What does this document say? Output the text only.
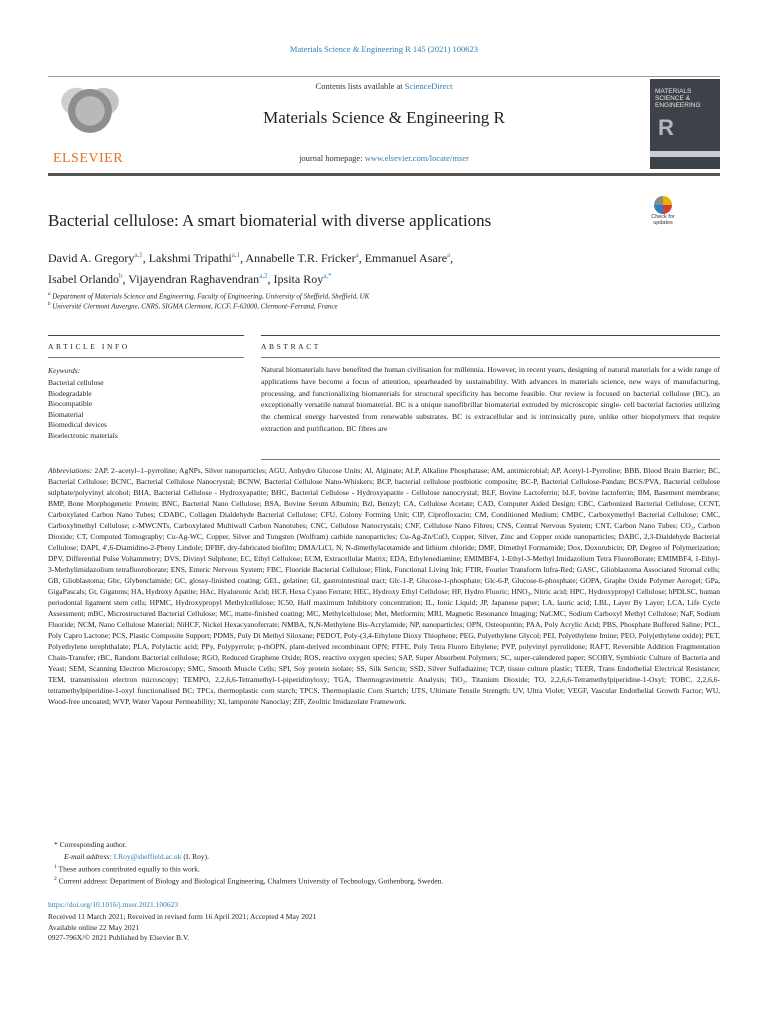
Materials Science & Engineering R 145 (2021) 100623
ELSEVIER
Contents lists available at ScienceDirect
Materials Science & Engineering R
journal homepage: www.elsevier.com/locate/mser
MATERIALS SCIENCE & ENGINEERING
R
Bacterial cellulose: A smart biomaterial with diverse applications	Check for updates
David A. Gregory$^{a,1}$, Lakshmi Tripathi$^{a,1}$, Annabelle T.R. Fricker$^a$, Emmanuel Asare$^a$,
Isabel Orlando$^b$, Vijayendran Raghavendran$^{a,2}$, Ipsita Roy$^{a,*}$
$^a$ Department of Materials Science and Engineering, Faculty of Engineering, University of Sheffield, Sheffield, UK
$^b$ Université Clermont Auvergne, CNRS, SIGMA Clermont, ICCF, F-63000, Clermont–Ferrand, France
ARTICLE INFO	ABSTRACT
Keywords:
Bacterial cellulose
Biodegradable
Biocompatible
Biomaterial
Biomedical devices
Bioelectronic materials
Natural biomaterials have benefited the human civilisation for millennia. However, in recent years, designing of natural materials for a wide range of applications have become a focus of attention, spearheaded by sustainability. With advances in materials science, new ways of manufacturing, processing, and functionalizing biomaterials for structural specificity has become feasible. Our review is focused on bacterial cellulose (BC), an exceptionally versatile natural biomaterial. BC is a unique nanofibrillar biomaterial extruded by microscopic single- cell bacterial factories utilizing the chemical energy harvested from renewable substrates. BC is extracellular and is intrinsically pure, unlike other biopolymers that require extraction and purification. BC fibres are
Abbreviations: 2AP, 2–acetyl–1–pyrroline; AgNPs, Silver nanoparticles; AGU, Anhydro Glucose Units; Al, Alginate; ALP, Alkaline Phosphatase; AM, antimicrobial; AP, Acetyl-1-Pyrroline; BBB, Blood Brain Barrier; BC, Bacterial Cellulose; BCNC, Bacterial Cellulose Nanocrystal; BCNW, Bacterial Cellulose Nano-Whiskers; BCP, bacterial cellulose postbiotic composite; BC-P, Bacterial Cellulose-Pandan; BCS/PVA, Bacterial cellulose sulphate/polyvinyl alcohol; BHA, Bacterial Cellulose - Hydroxyapatite; BHC, Bacterial Cellulose - Hydroxyapatite - Cellulose nanocrystal; BLF, Bovine Lactoferrin; bLF, bovine lactoferrin; BM, Basement membrane; BMP, Bone Morphogenetic Protein; BNC, Bacterial Nano Cellulose; BSA, Bovine Serum Albumin; Bzl, Benzyl; CA, Cellulose Acetate; CAD, Computer Aided Design; CBC, Carbonized Bacterial Cellulose; CCNT, Carboxylated Carbon Nano Tubes; CDABC, Collagen Dialdehyde Bacterial Cellulose; CFU, Colony Forming Unit; CIP, Ciprofloxacin; CM, Conditioned Medium; CMBC, Carboxymethyl Bacterial Cellulose; CMC, Carboxylmethyl Cellulose; c-MWCNTs, Carboxylated Multiwall Carbon Nanotubes; CNC, Cellulose Nanocrystals; CNF, Cellulose Nano Fibres; CNS, Central Nervous System; CNT, Carbon Nano Tubes; CO₂, Carbon Dioxide; CT, Computed Tomography; Cu-Ag-WC, Copper, Silver and Tungsten (Wolfram) carbide nanoparticles; Cu-Ag-Zn/CuO, Copper, Silver, Zinc and Copper oxide nanoparticles; DABC, 2,3-Dialdehyde Bacterial Cellulose; DAPI, 4′,6-Diamidino-2-Pheny Lindole; DFBF, dry-fabricated biofilm; DMA/LiCl, N, N-dimethylacetamide and lithium chloride; DMF, Dimethyl Formamide; Dox, Doxorubicin; DP, Degree of Polymerization; DPV, Differential Pulse Voltammetry; DVS, Divinyl Sulphone; EC, Ethyl Cellulose; ECM, Extracellular Matrix; EDA, Ethylenediamine; EMIMBF4, 1-Ethyl-3-Methyl Imidazolium Tetra FluoroBorate; EMIMBF4, 1-Ethyl-3-Methylimidazolium tetrafluoroborate; ENS, Enteric Nervous System; FBC, Fluoride Bacterial Cellulose; Flink, Functional Living Ink; FTIR, Fourier Transform Infra-Red; GASC, Glioblastoma Associated Stromal cells; GB, Glioblastoma; Gbc, Glybenclamide; GC, glossy-finished coating; GEL, gelatine; GI, gastrointestinal tract; Glc-1-P, Glucose-1-phosphate; Glc-6-P, Glucose-6-phosphate; GOPA, Graphe Oxide Polymer Aerogel; GPa, GigaPascals; Gt, Gigatons; HA, Hydroxy Apatite; HAc, Hyaluronic Acid; HCF, Hexa Cyano Ferrate; HEC, Hydroxy Ethyl Cellulose; HF, Hydro Fluoric; HNO₃, Nitric acid; HPC, Hydroxypropyl Cellulose; hPDLSC, human periodontal ligament stem cells; HPMC, Hydroxypropyl Methylcellulose; IC50, Half maximum Inhibitory concentration; IL, Ionic Liquid; JP, Japanese paper; LA, lauric acid; LBL, Layer By Layer; LCA, Life Cycle Assessment; mBC, Microstructured Bacterial Cellulose; MC, matte-finished coating; MC, Methylcellulose; Met, Metformin; MRI, Magnetic Resonance Imaging; NaCMC, Sodium Carboxyl Methyl Cellulose; NaF, Sodium Fluoride; NCM, Nano Cellulose Material; NiHCF, Nickel Hexacyanoferrate; NMBA, N,N-Methylene Bis-Acrylamide; NP, nanoparticles; OPN, Osteopontin; PAA, Poly Acrylic Acid; PBS, Phosphate Buffered Saline; PCL, Poly Capro Lactone; PCS, Plastic Composite Support; PDMS, Poly Di Methyl Siloxane; PEDOT, Poly-(3,4-Ethylene Dioxy Thiophene; PEG, Polyethylene Glycol; PEI, Polyethylene Imine; PEO, Poly(ethylene oxide); PET, Polyethylene terephthalate; PLA, Polylactic acid; PPy, Polypyrrole; p-rhOPN, plant-derived recombinant OPN; PTFE, Poly Tetra Fluoro Ethylene; PVP, polyvinyl pyrrolidone; RAFT, Reversible Addition Fragmentation Chain-Transfer; rBC, Random Bacterial cellulose; RGO, Reduced Graphene Oxide; ROS, reactive oxygen species; SAP, Super Absorbent Polymers; SC, super-calendered paper; SCOBY, Symbiotic Culture of Bacteria and Yeast; SEM, Scanning Electron Microscopy; SMC, Smooth Muscle Cells; SPI, Soy protein isolate; SS, Silk Sericin; SSD, Silver Sulfadiazine; TCP, tissue culture plastic; TEER, Trans Endothelial Electrical Resistance; TEM, transmission electron microscopy; TEMPO, 2,2,6,6-Tetramethyl-1-piperidinyloxy; TGA, Thermogravimetric Analysis; TiO₂, Titanium Dioxide; TO, 2,2,6,6-Tetramethylpiperidine-1-Oxyl; TOBC, 2,2,6,6-tetramethylpiperidine-1-oxyl functionalised BC; TPCs, thermoplastic corn starch; TPCS, Thermoplastic Corn Startch; UTS, Ultimate Tensile Strength; UV, Ultra Violet; VEGF, Vascular Endothelial Growth Factor; WU, Wood-free uncoated; WVP, Water Vapour Permeability; Xl, lamponite Nanoclay; ZIF, Zeolitic Imidazolate Framework.
* Corresponding author.
E-mail address: I.Roy@sheffield.ac.uk (I. Roy).
$^1$ These authors contributed equally to this work.
$^2$ Current address: Department of Biology and Biological Engineering, Chalmers University of Technology, Gothenburg, Sweden.
https://doi.org/10.1016/j.mser.2021.100623
Received 11 March 2021; Received in revised form 16 April 2021; Accepted 4 May 2021
Available online 22 May 2021
0927-796X/© 2021 Published by Elsevier B.V.
